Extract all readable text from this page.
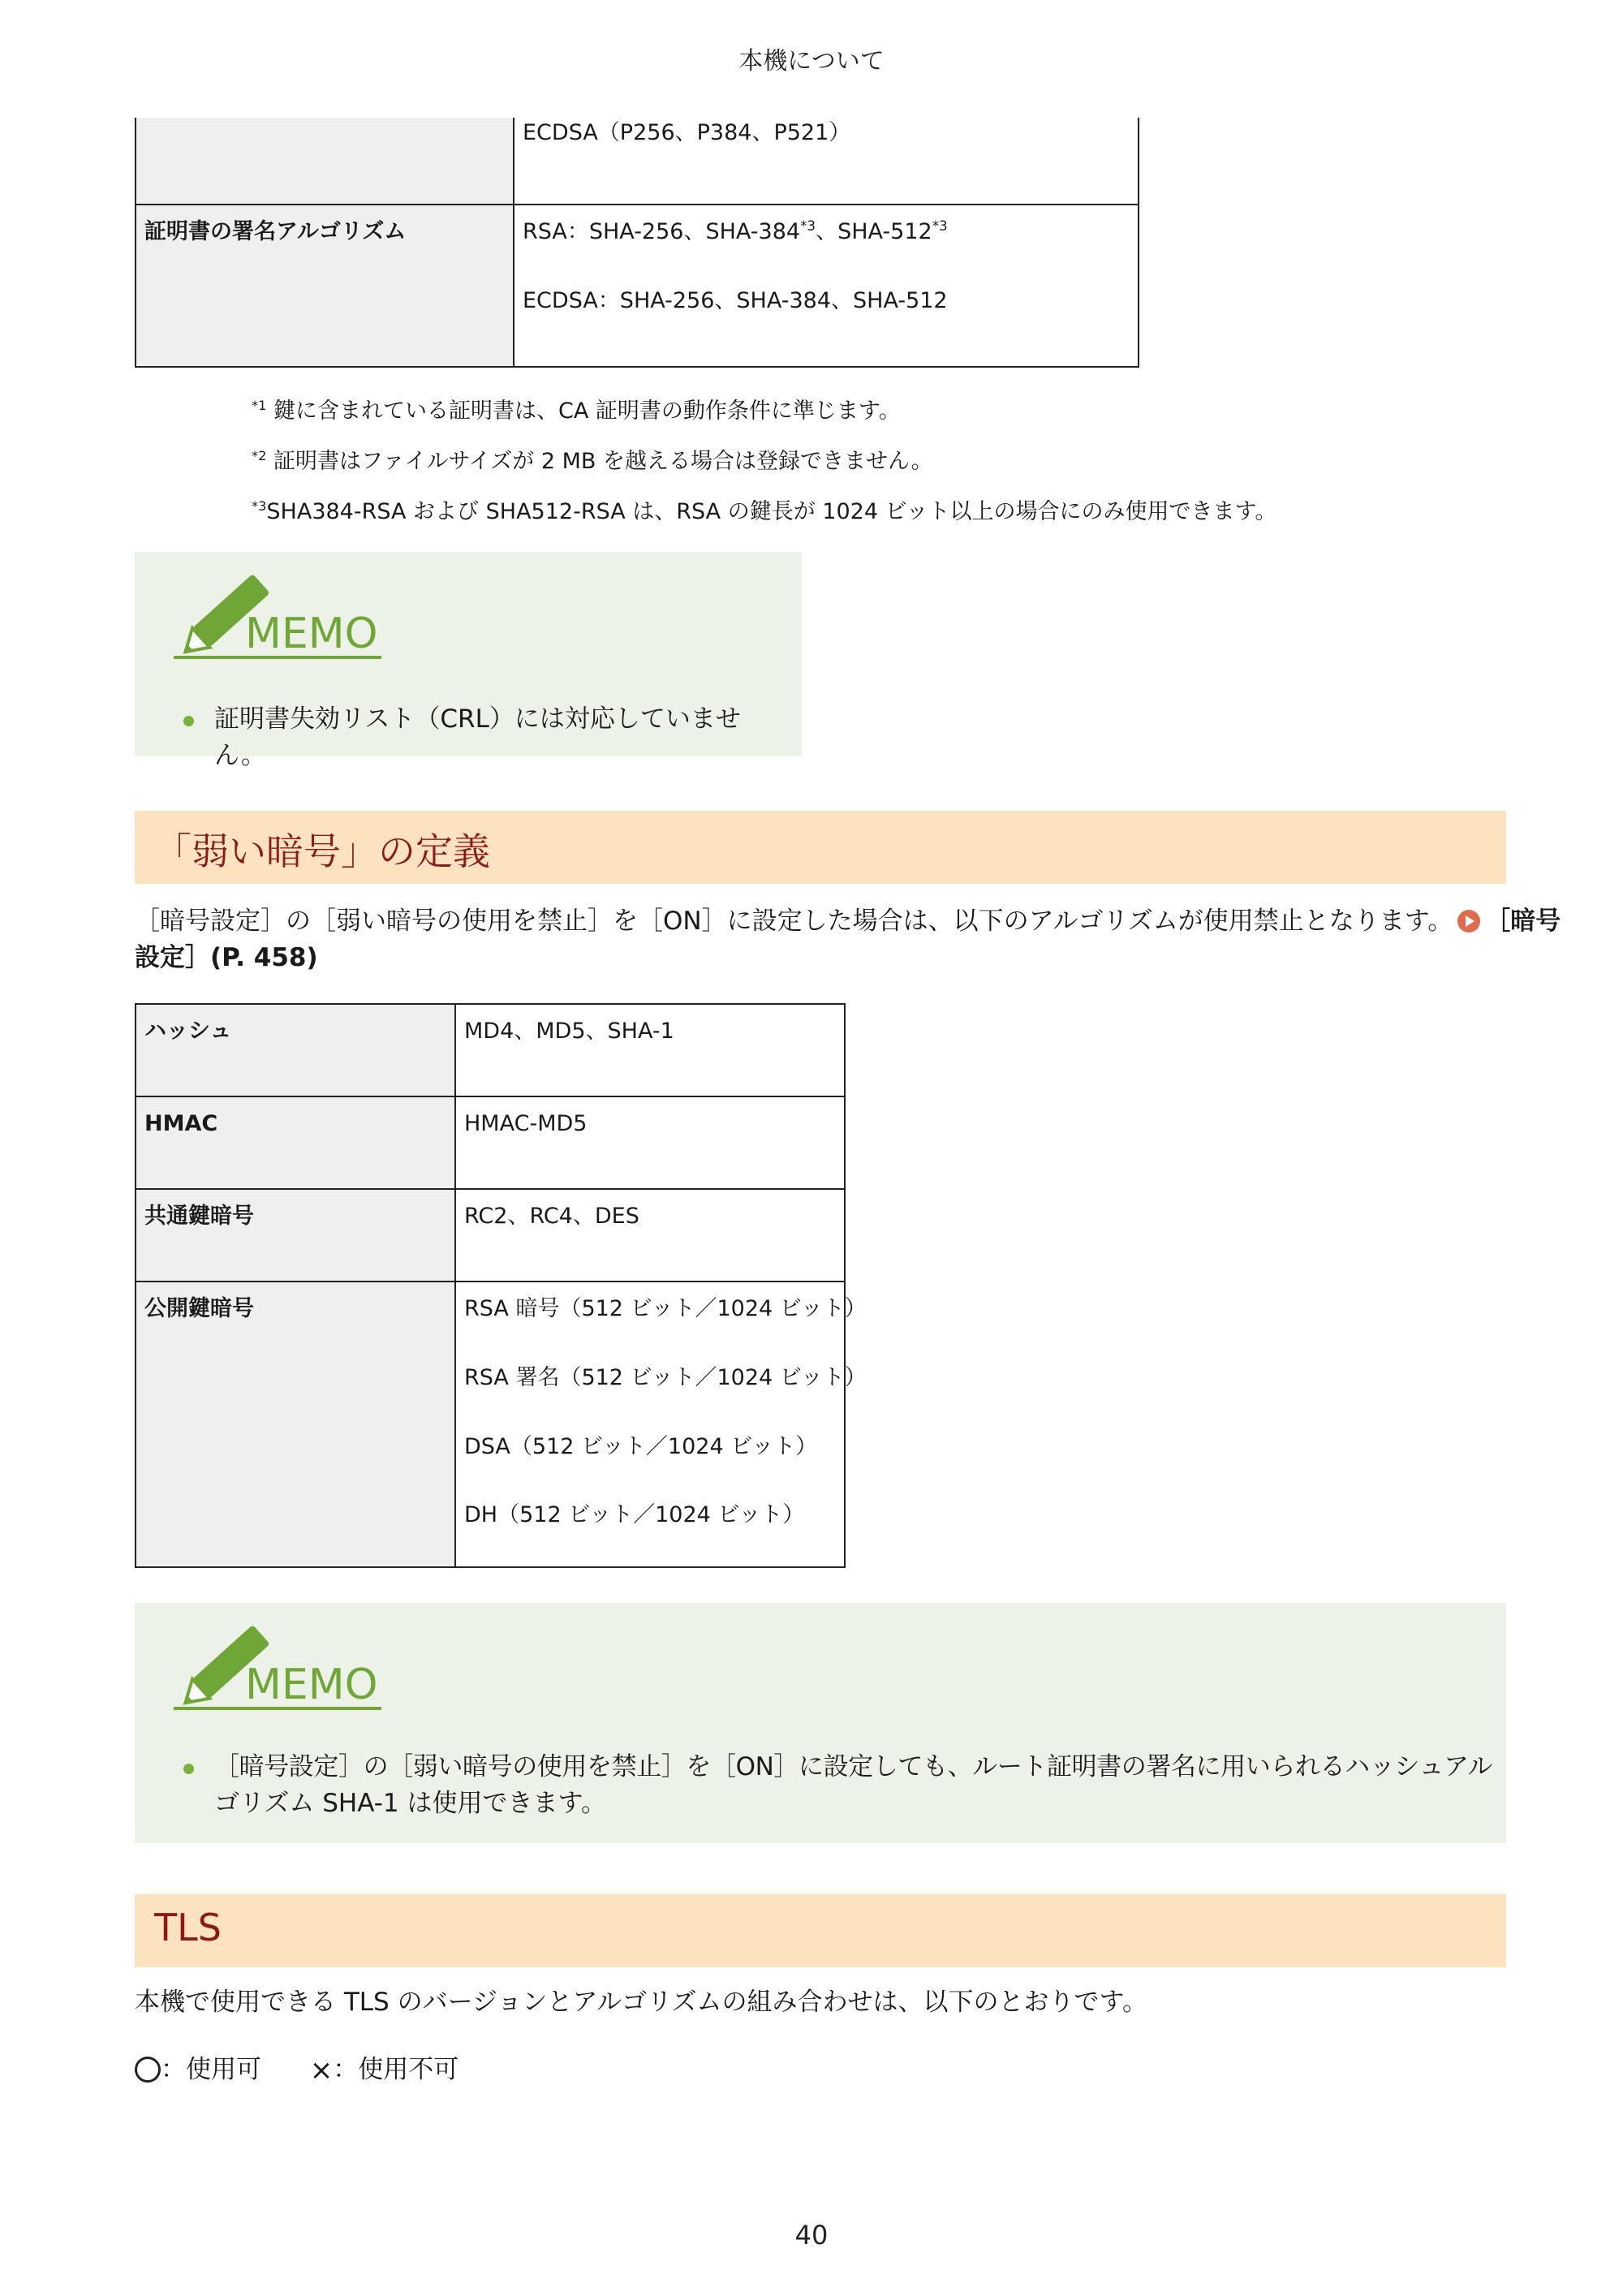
本機について

	ECDSA（P256、P384、P521）

証明書の署名アルゴリズム	RSA：SHA-256、SHA-384$^{*3}$、SHA-512$^{*3}$
ECDSA：SHA-256、SHA-384、SHA-512
$^{*1}$ 鍵に含まれている証明書は、CA 証明書の動作条件に準じます。
$^{*2}$ 証明書はファイルサイズが 2 MB を越える場合は登録できません。
$^{*3}$SHA384-RSA および SHA512-RSA は、RSA の鍵長が 1024 ビット以上の場合にのみ使用できます。
MEMO
証明書失効リスト（CRL）には対応していません。
「弱い暗号」の定義
［暗号設定］の［弱い暗号の使用を禁止］を［ON］に設定した場合は、以下のアルゴリズムが使用禁止となります。 ［暗号
設定］(P. 458)
ハッシュ	MD4、MD5、SHA-1

HMAC	HMAC-MD5

共通鍵暗号	RC2、RC4、DES

公開鍵暗号	RSA 暗号（512 ビット／1024 ビット）
RSA 署名（512 ビット／1024 ビット）
DSA（512 ビット／1024 ビット）
DH（512 ビット／1024 ビット）
MEMO
［暗号設定］の［弱い暗号の使用を禁止］を［ON］に設定しても、ルート証明書の署名に用いられるハッシュアル
ゴリズム SHA-1 は使用できます。
TLS
本機で使用できる TLS のバージョンとアルゴリズムの組み合わせは、以下のとおりです。
：使用可 ×：使用不可
40
